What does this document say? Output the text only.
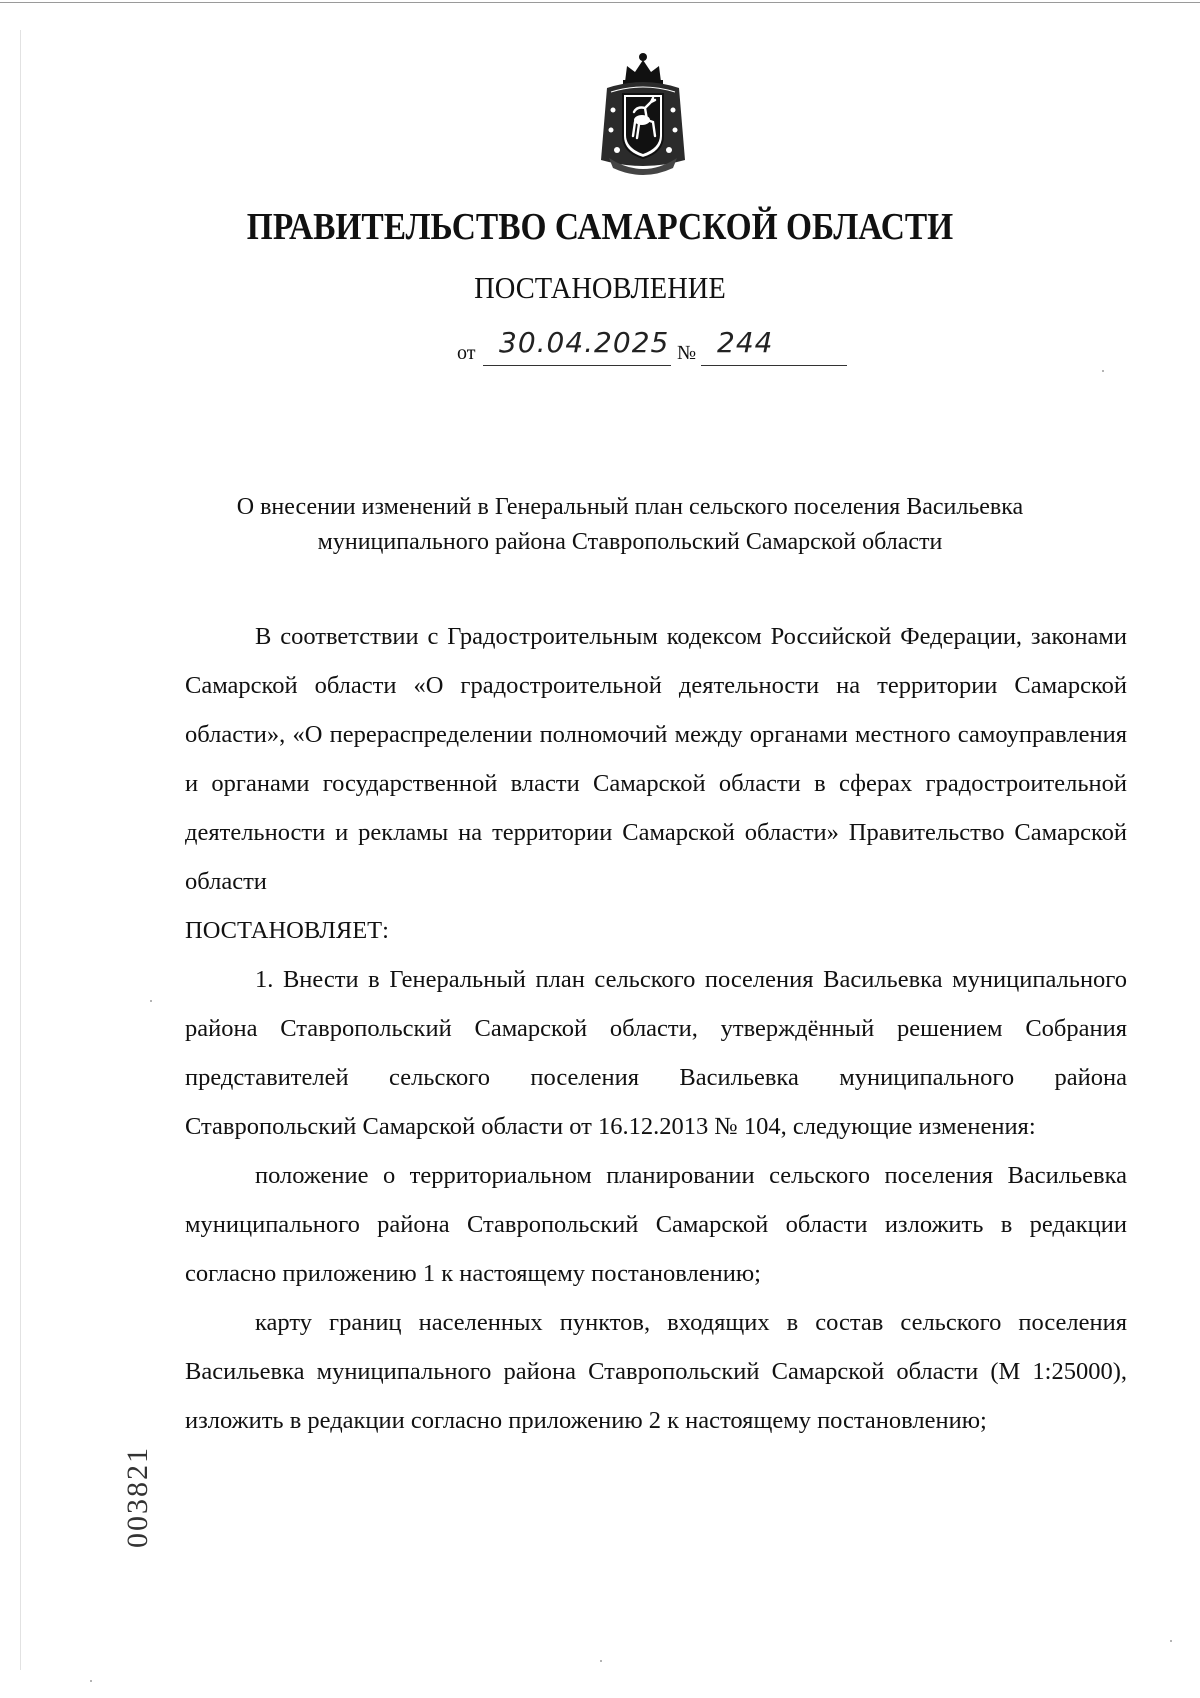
ПРАВИТЕЛЬСТВО САМАРСКОЙ ОБЛАСТИ
ПОСТАНОВЛЕНИЕ
от 30.04.2025 № 244
О внесении изменений в Генеральный план сельского поселения Васильевка
муниципального района Ставропольский Самарской области

В соответствии с Градостроительным кодексом Российской Федерации, законами Самарской области «О градостроительной деятельности на территории Самарской области», «О перераспределении полномочий между органами местного самоуправления и органами государственной власти Самарской области в сферах градостроительной деятельности и рекламы на территории Самарской области» Правительство Самарской области

ПОСТАНОВЛЯЕТ:

1. Внести в Генеральный план сельского поселения Васильевка муниципального района Ставропольский Самарской области, утверждённый решением Собрания представителей сельского поселения Васильевка муниципального района Ставропольский Самарской области от 16.12.2013 № 104, следующие изменения:

положение о территориальном планировании сельского поселения Васильевка муниципального района Ставропольский Самарской области изложить в редакции согласно приложению 1 к настоящему постановлению;

карту границ населенных пунктов, входящих в состав сельского поселения Васильевка муниципального района Ставропольский Самарской области (М 1:25000), изложить в редакции согласно приложению 2 к настоящему постановлению;

003821
